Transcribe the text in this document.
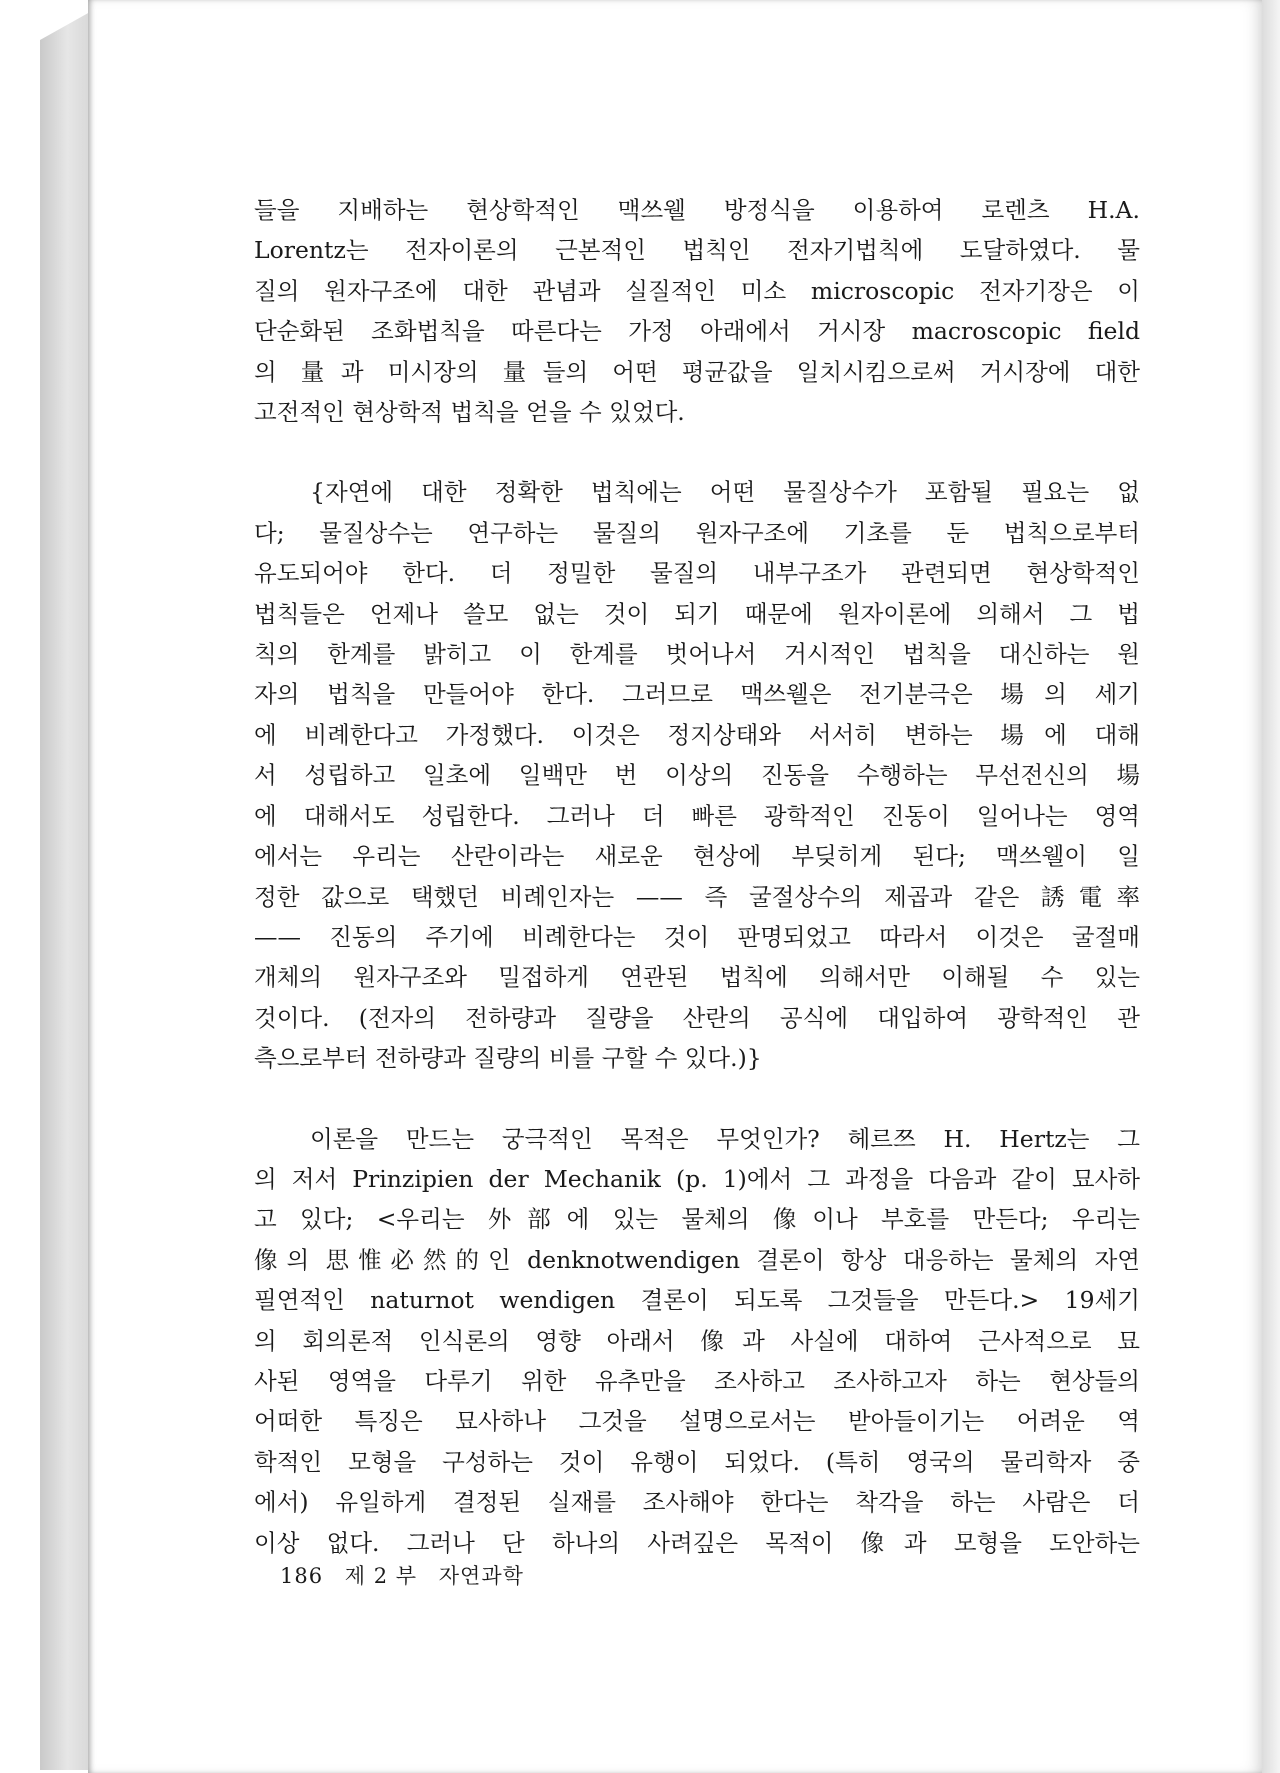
들을 지배하는 현상학적인 맥쓰웰 방정식을 이용하여 로렌츠 H.A.
Lorentz는 전자이론의 근본적인 법칙인 전자기법칙에 도달하였다. 물
질의 원자구조에 대한 관념과 실질적인 미소 microscopic 전자기장은 이
단순화된 조화법칙을 따른다는 가정 아래에서 거시장 macroscopic field
의 量과 미시장의 量들의 어떤 평균값을 일치시킴으로써 거시장에 대한
고전적인 현상학적 법칙을 얻을 수 있었다.

{자연에 대한 정확한 법칙에는 어떤 물질상수가 포함될 필요는 없
다; 물질상수는 연구하는 물질의 원자구조에 기초를 둔 법칙으로부터
유도되어야 한다. 더 정밀한 물질의 내부구조가 관련되면 현상학적인
법칙들은 언제나 쓸모 없는 것이 되기 때문에 원자이론에 의해서 그 법
칙의 한계를 밝히고 이 한계를 벗어나서 거시적인 법칙을 대신하는 원
자의 법칙을 만들어야 한다. 그러므로 맥쓰웰은 전기분극은 場의 세기
에 비례한다고 가정했다. 이것은 정지상태와 서서히 변하는 場에 대해
서 성립하고 일초에 일백만 번 이상의 진동을 수행하는 무선전신의 場
에 대해서도 성립한다. 그러나 더 빠른 광학적인 진동이 일어나는 영역
에서는 우리는 산란이라는 새로운 현상에 부딪히게 된다; 맥쓰웰이 일
정한 값으로 택했던 비례인자는 —— 즉 굴절상수의 제곱과 같은 誘電率
—— 진동의 주기에 비례한다는 것이 판명되었고 따라서 이것은 굴절매
개체의 원자구조와 밀접하게 연관된 법칙에 의해서만 이해될 수 있는
것이다. (전자의 전하량과 질량을 산란의 공식에 대입하여 광학적인 관
측으로부터 전하량과 질량의 비를 구할 수 있다.)}

이론을 만드는 궁극적인 목적은 무엇인가? 헤르쯔 H. Hertz는 그
의 저서 Prinzipien der Mechanik (p. 1)에서 그 과정을 다음과 같이 묘사하
고 있다; <우리는 外部에 있는 물체의 像이나 부호를 만든다; 우리는
像의 思惟必然的인 denknotwendigen 결론이 항상 대응하는 물체의 자연
필연적인 naturnot wendigen 결론이 되도록 그것들을 만든다.> 19세기
의 회의론적 인식론의 영향 아래서 像과 사실에 대하여 근사적으로 묘
사된 영역을 다루기 위한 유추만을 조사하고 조사하고자 하는 현상들의
어떠한 특징은 묘사하나 그것을 설명으로서는 받아들이기는 어려운 역
학적인 모형을 구성하는 것이 유행이 되었다. (특히 영국의 물리학자 중
에서) 유일하게 결정된 실재를 조사해야 한다는 착각을 하는 사람은 더
이상 없다. 그러나 단 하나의 사려깊은 목적이 像과 모형을 도안하는

186 제 2 부 자연과학
